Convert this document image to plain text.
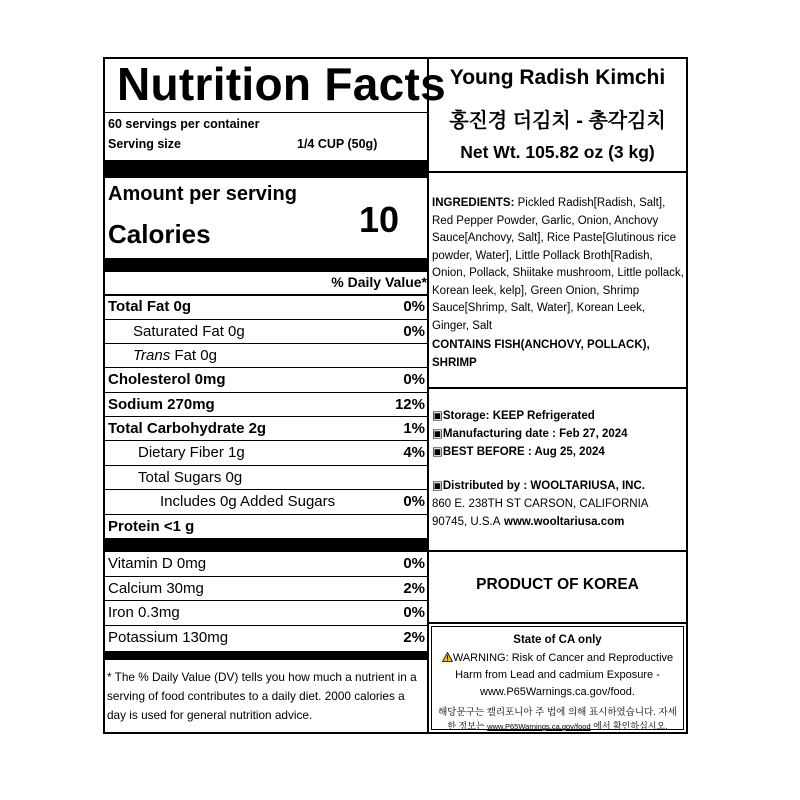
Nutrition Facts
60 servings per container
Serving size	1/4 CUP (50g)
Amount per serving
Calories	10
% Daily Value*
Total Fat 0g	0%
Saturated Fat 0g	0%
Trans Fat 0g
Cholesterol 0mg	0%
Sodium 270mg	12%
Total Carbohydrate 2g	1%
Dietary Fiber 1g	4%
Total Sugars 0g
Includes 0g Added Sugars	0%
Protein <1 g
Vitamin D 0mg	0%
Calcium 30mg	2%
Iron 0.3mg	0%
Potassium 130mg	2%
* The % Daily Value (DV) tells you how much a nutrient in a serving of food contributes to a daily diet. 2000 calories a day is used for general nutrition advice.
Young Radish Kimchi
홍진경 더김치 - 총각김치
Net Wt. 105.82 oz (3 kg)
INGREDIENTS: Pickled Radish[Radish, Salt], Red Pepper Powder, Garlic, Onion, Anchovy Sauce[Anchovy, Salt], Rice Paste[Glutinous rice powder, Water], Little Pollack Broth[Radish, Onion, Pollack, Shiitake mushroom, Little pollack, Korean leek, kelp], Green Onion, Shrimp Sauce[Shrimp, Salt, Water], Korean Leek, Ginger, Salt
CONTAINS FISH(ANCHOVY, POLLACK), SHRIMP
▣Storage: KEEP Refrigerated
▣Manufacturing date : Feb 27, 2024
▣BEST BEFORE : Aug 25, 2024
▣Distributed by : WOOLTARIUSA, INC.
860 E. 238TH ST CARSON, CALIFORNIA 90745, U.S.A www.wooltariusa.com
PRODUCT OF KOREA
State of CA only
WARNING: Risk of Cancer and Reproductive
Harm from Lead and cadmium Exposure -
www.P65Warnings.ca.gov/food.
해당문구는 캘리포니아 주 법에 의해 표시하였습니다. 자세
한 정보는 www.P65Warnings.ca.gov/food 에서 확인하십시오.
